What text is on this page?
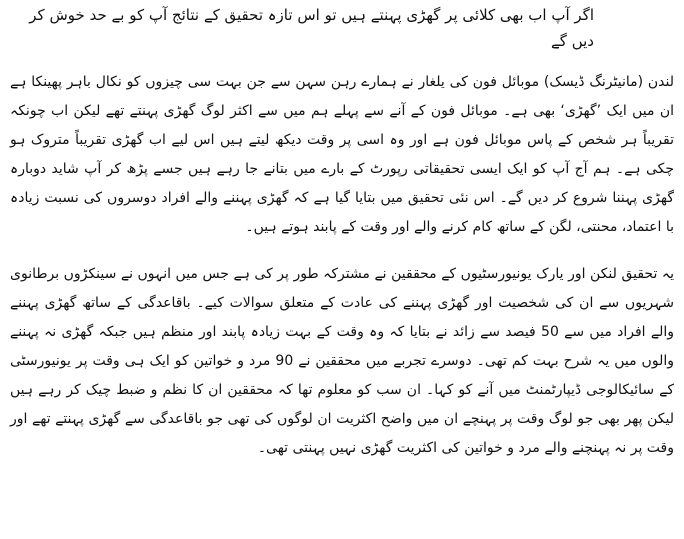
اگر آپ اب بھی کلائی پر گھڑی پہنتے ہیں تو اس تازہ تحقیق کے نتائج آپ کو بے حد خوش کر دیں گے

لندن (مانیٹرنگ ڈیسک) موبائل فون کی یلغار نے ہمارے رہن سہن سے جن بہت سی چیزوں کو نکال باہر پھینکا ہے ان میں ایک ’گھڑی‘ بھی ہے۔ موبائل فون کے آنے سے پہلے ہم میں سے اکثر لوگ گھڑی پہنتے تھے لیکن اب چونکہ تقریباً ہر شخص کے پاس موبائل فون ہے اور وہ اسی پر وقت دیکھ لیتے ہیں اس لیے اب گھڑی تقریباً متروک ہو چکی ہے۔ ہم آج آپ کو ایک ایسی تحقیقاتی رپورٹ کے بارے میں بتانے جا رہے ہیں جسے پڑھ کر آپ شاید دوبارہ گھڑی پہننا شروع کر دیں گے۔ اس نئی تحقیق میں بتایا گیا ہے کہ گھڑی پہننے والے افراد دوسروں کی نسبت زیادہ با اعتماد، محنتی، لگن کے ساتھ کام کرنے والے اور وقت کے پابند ہوتے ہیں۔

یہ تحقیق لنکن اور یارک یونیورسٹیوں کے محققین نے مشترکہ طور پر کی ہے جس میں انہوں نے سینکڑوں برطانوی شہریوں سے ان کی شخصیت اور گھڑی پہننے کی عادت کے متعلق سوالات کیے۔ باقاعدگی کے ساتھ گھڑی پہننے والے افراد میں سے 50 فیصد سے زائد نے بتایا کہ وہ وقت کے بہت زیادہ پابند اور منظم ہیں جبکہ گھڑی نہ پہننے والوں میں یہ شرح بہت کم تھی۔ دوسرے تجربے میں محققین نے 90 مرد و خواتین کو ایک ہی وقت پر یونیورسٹی کے سائیکالوجی ڈیپارٹمنٹ میں آنے کو کہا۔ ان سب کو معلوم تھا کہ محققین ان کا نظم و ضبط چیک کر رہے ہیں لیکن پھر بھی جو لوگ وقت پر پہنچے ان میں واضح اکثریت ان لوگوں کی تھی جو باقاعدگی سے گھڑی پہنتے تھے اور وقت پر نہ پہنچنے والے مرد و خواتین کی اکثریت گھڑی نہیں پہنتی تھی۔
